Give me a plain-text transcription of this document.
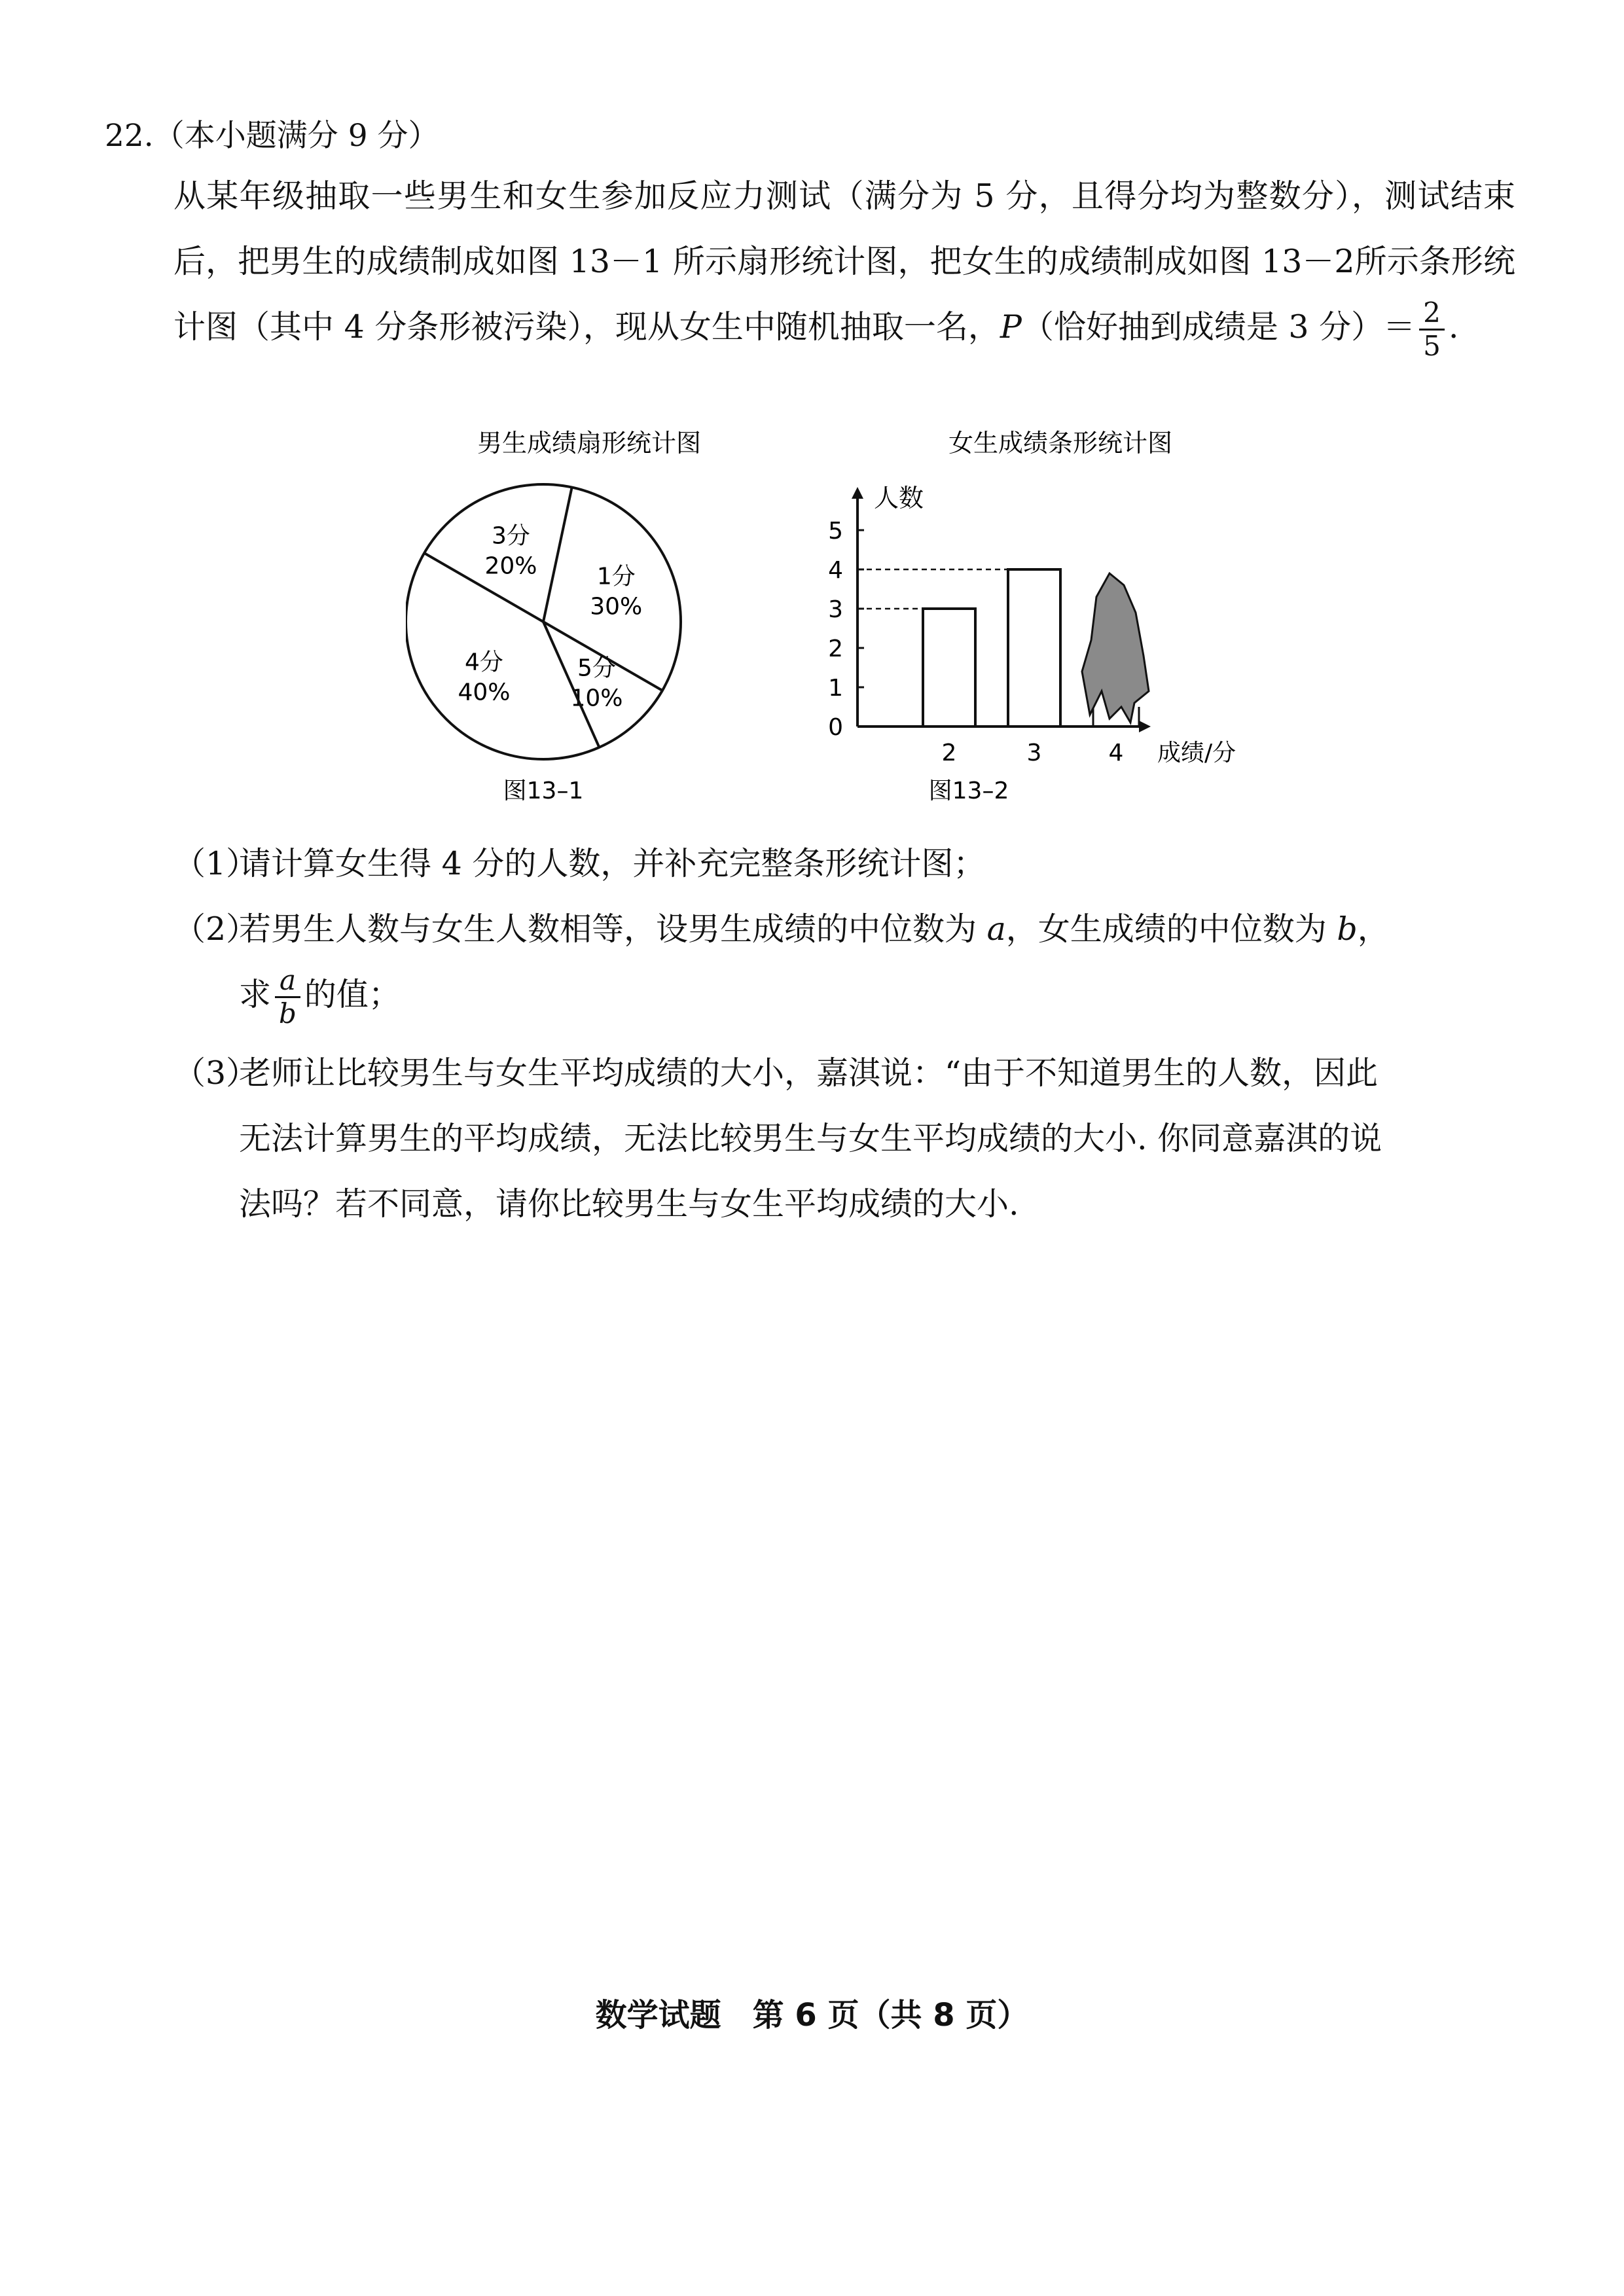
22.（本小题满分 9 分）
从某年级抽取一些男生和女生参加反应力测试（满分为 5 分，且得分均为整数分），测试结束后，把男生的成绩制成如图 13－1 所示扇形统计图，把女生的成绩制成如图 13－2所示条形统计图（其中 4 分条形被污染），现从女生中随机抽取一名，P（恰好抽到成绩是 3 分）＝ $\frac{2}{5}$ .
男生成绩扇形统计图
1分
30%
5分
10%
4分
40%
3分
20%
图13–1
女生成绩条形统计图
人数
成绩/分
0
1
2
3
4
5
2	3	4
图13–2
（1）请计算女生得 4 分的人数，并补充完整条形统计图；
（2）若男生人数与女生人数相等，设男生成绩的中位数为 a，女生成绩的中位数为 b，
求 $\frac{a}{b}$ 的值；
（3）老师让比较男生与女生平均成绩的大小，嘉淇说：“由于不知道男生的人数，因此
无法计算男生的平均成绩，无法比较男生与女生平均成绩的大小. 你同意嘉淇的说
法吗？若不同意，请你比较男生与女生平均成绩的大小.
数学试题　第 6 页（共 8 页）
